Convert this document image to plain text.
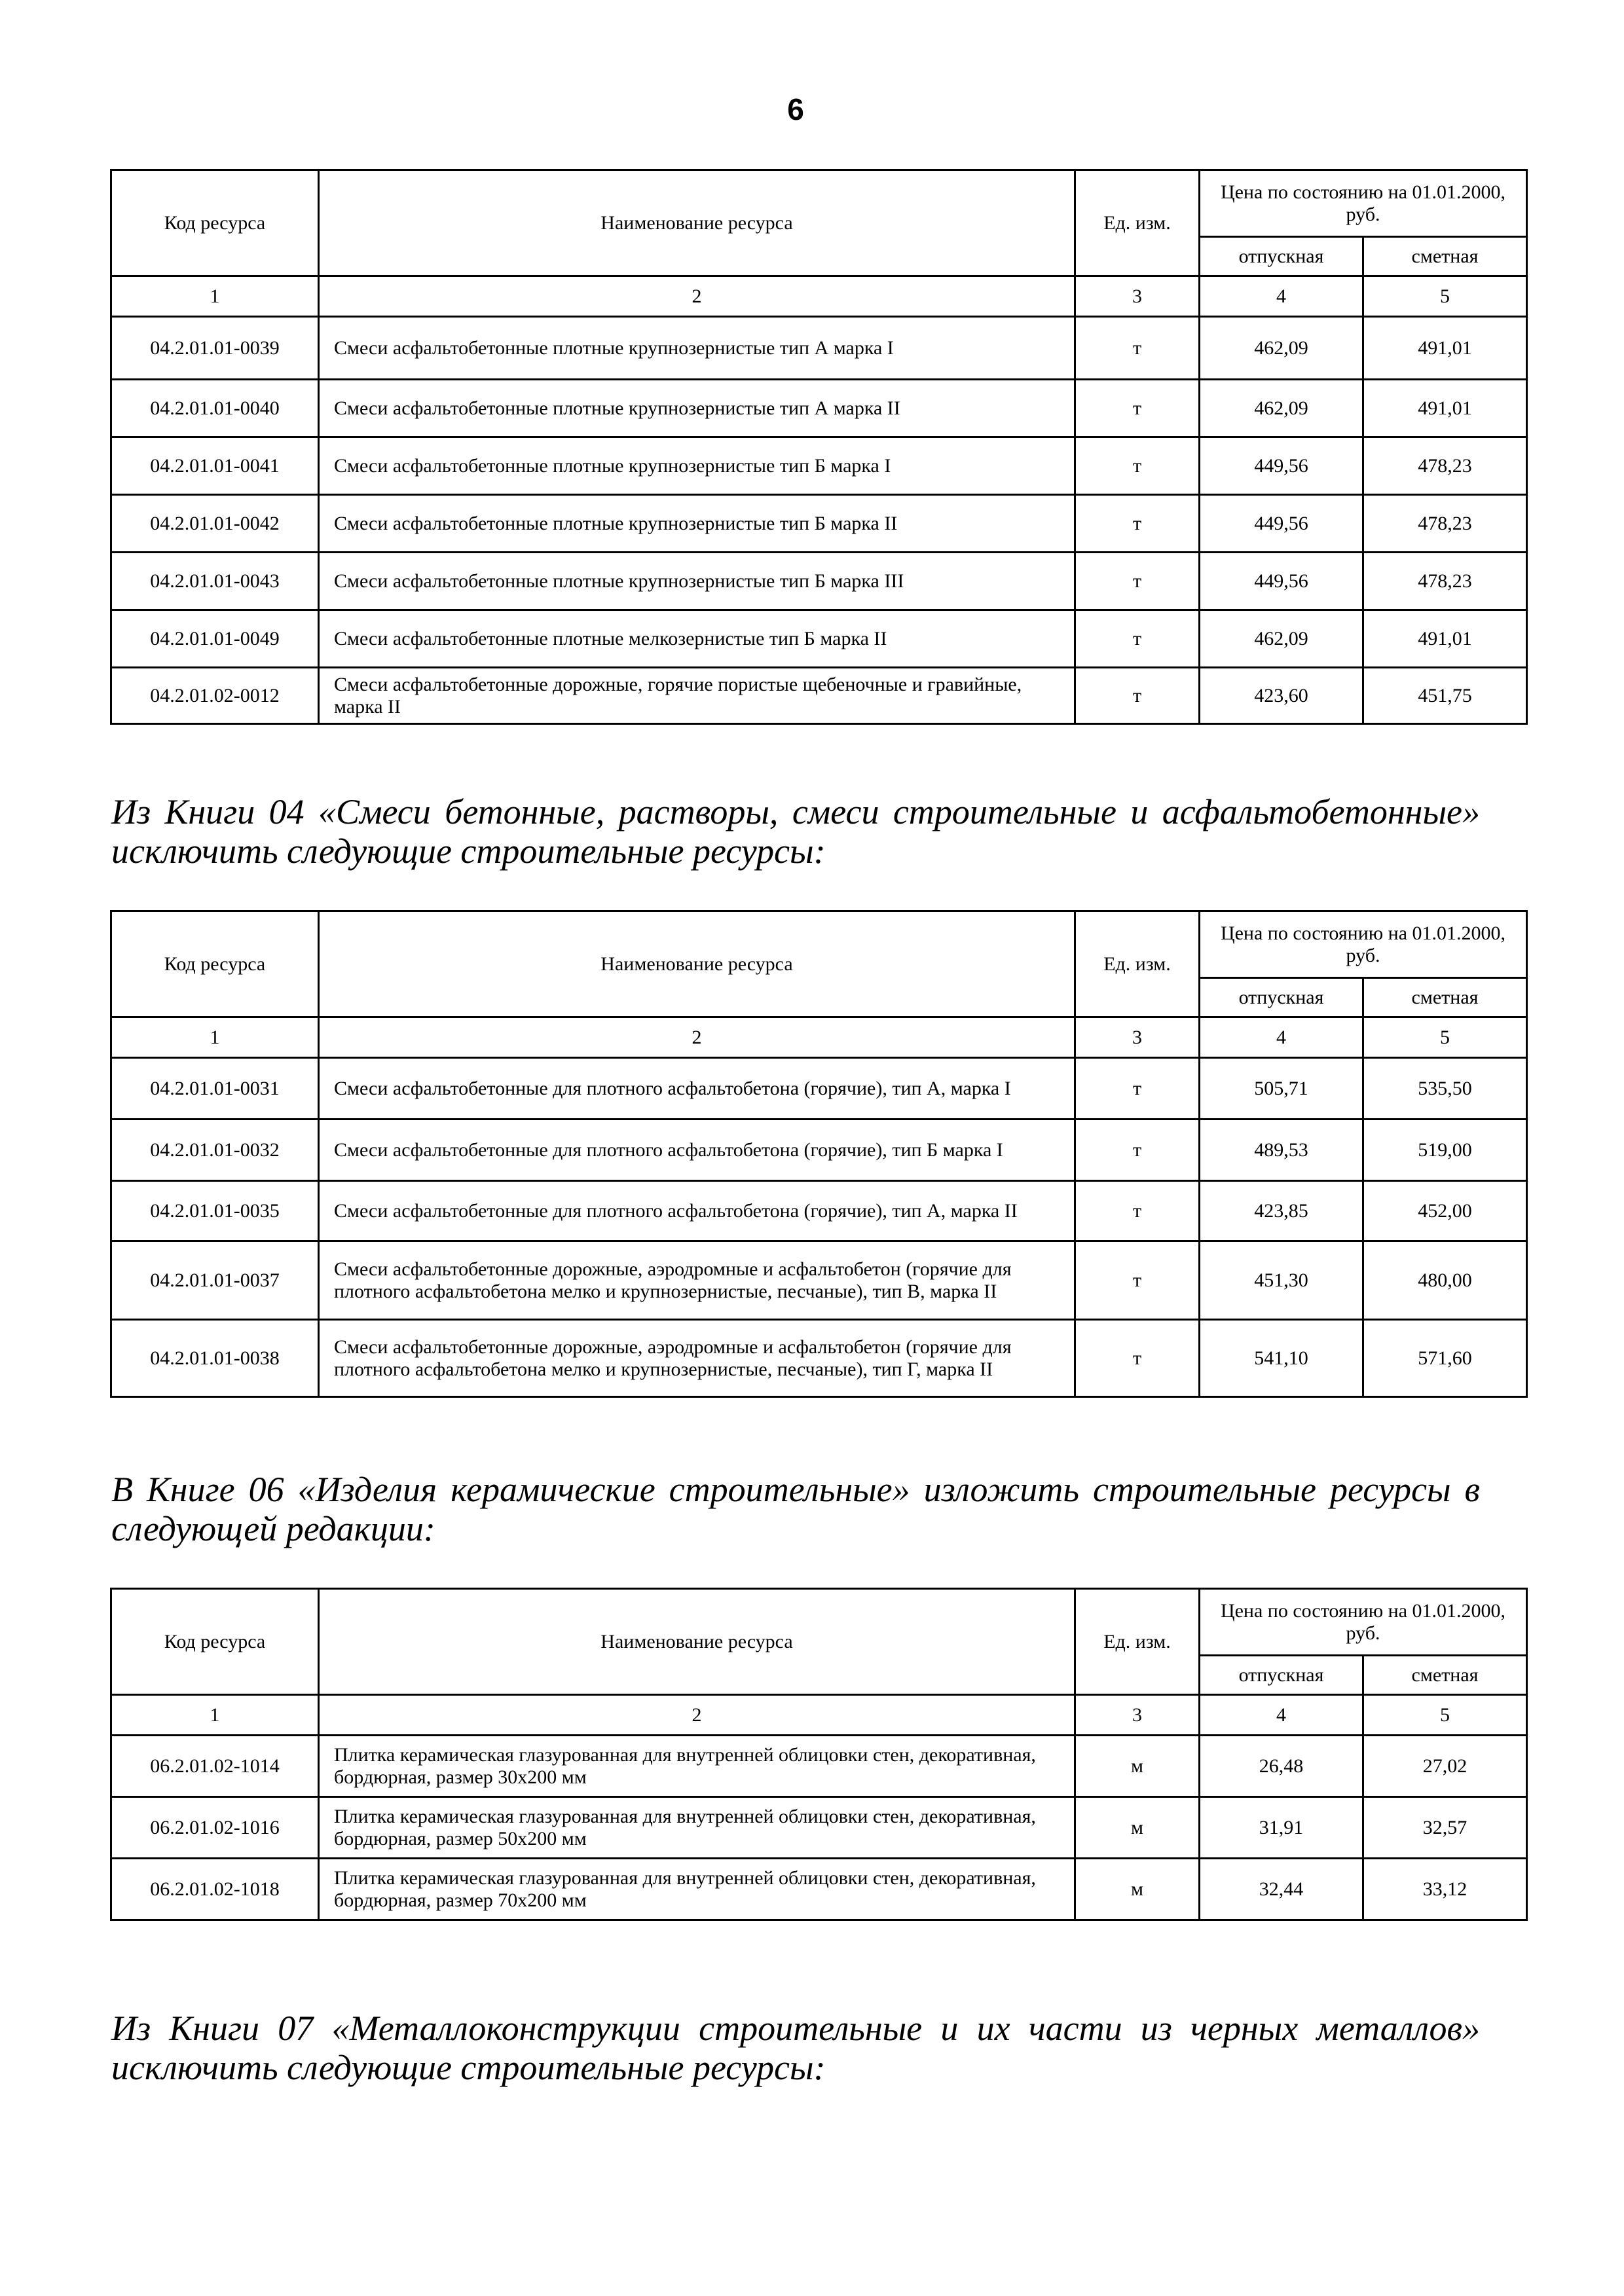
6
Код ресурса	Наименование ресурса	Ед. изм.	Цена по состоянию на 01.01.2000, руб.	
			отпускная	сметная
1	2	3	4	5
04.2.01.01-0039	Смеси асфальтобетонные плотные крупнозернистые тип А марка I	т	462,09	491,01
04.2.01.01-0040	Смеси асфальтобетонные плотные крупнозернистые тип А марка II	т	462,09	491,01
04.2.01.01-0041	Смеси асфальтобетонные плотные крупнозернистые тип Б марка I	т	449,56	478,23
04.2.01.01-0042	Смеси асфальтобетонные плотные крупнозернистые тип Б марка II	т	449,56	478,23
04.2.01.01-0043	Смеси асфальтобетонные плотные крупнозернистые тип Б марка III	т	449,56	478,23
04.2.01.01-0049	Смеси асфальтобетонные плотные мелкозернистые тип Б марка II	т	462,09	491,01
04.2.01.02-0012	Смеси асфальтобетонные дорожные, горячие пористые щебеночные и гравийные, марка II	т	423,60	451,75
Из Книги 04 «Смеси бетонные, растворы, смеси строительные и асфальтобетонные» исключить следующие строительные ресурсы:
Код ресурса	Наименование ресурса	Ед. изм.	Цена по состоянию на 01.01.2000, руб.	
			отпускная	сметная
1	2	3	4	5
04.2.01.01-0031	Смеси асфальтобетонные для плотного асфальтобетона (горячие), тип А, марка I	т	505,71	535,50
04.2.01.01-0032	Смеси асфальтобетонные для плотного асфальтобетона (горячие), тип Б марка I	т	489,53	519,00
04.2.01.01-0035	Смеси асфальтобетонные для плотного асфальтобетона (горячие), тип А, марка II	т	423,85	452,00
04.2.01.01-0037	Смеси асфальтобетонные дорожные, аэродромные и асфальтобетон (горячие для плотного асфальтобетона мелко и крупнозернистые, песчаные), тип В, марка II	т	451,30	480,00
04.2.01.01-0038	Смеси асфальтобетонные дорожные, аэродромные и асфальтобетон (горячие для плотного асфальтобетона мелко и крупнозернистые, песчаные), тип Г, марка II	т	541,10	571,60
В Книге 06 «Изделия керамические строительные» изложить строительные ресурсы в следующей редакции:
Код ресурса	Наименование ресурса	Ед. изм.	Цена по состоянию на 01.01.2000, руб.	
			отпускная	сметная
1	2	3	4	5
06.2.01.02-1014	Плитка керамическая глазурованная для внутренней облицовки стен, декоративная, бордюрная, размер 30х200 мм	м	26,48	27,02
06.2.01.02-1016	Плитка керамическая глазурованная для внутренней облицовки стен, декоративная, бордюрная, размер 50х200 мм	м	31,91	32,57
06.2.01.02-1018	Плитка керамическая глазурованная для внутренней облицовки стен, декоративная, бордюрная, размер 70х200 мм	м	32,44	33,12
Из Книги 07 «Металлоконструкции строительные и их части из черных металлов» исключить следующие строительные ресурсы:
